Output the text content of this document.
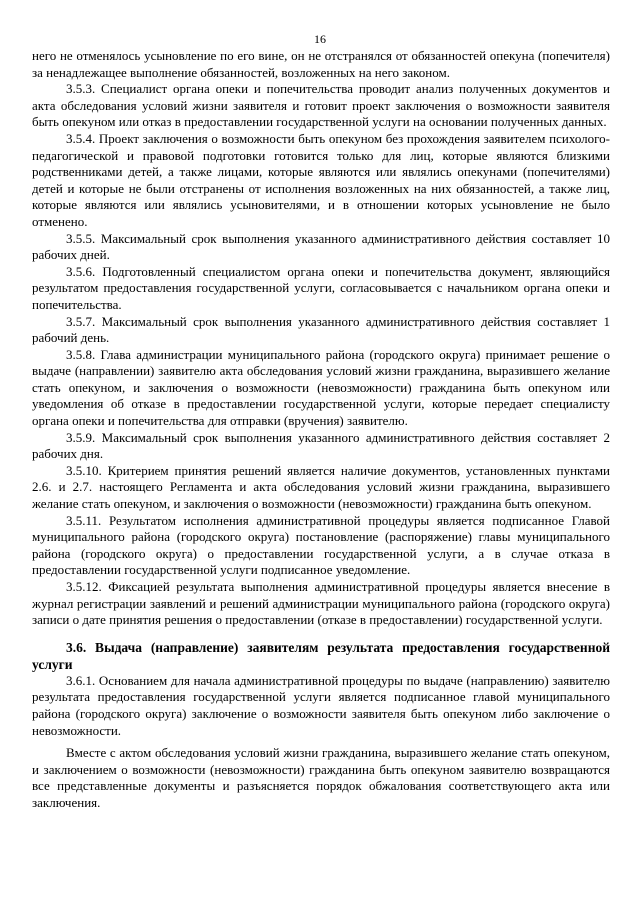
16

него не отменялось усыновление по его вине, он не отстранялся от обязанностей опекуна (попечителя) за ненадлежащее выполнение обязанностей, возложенных на него законом.

3.5.3. Специалист органа опеки и попечительства проводит анализ полученных документов и акта обследования условий жизни заявителя и готовит проект заключения о возможности заявителя быть опекуном или отказ в предоставлении государственной услуги на основании полученных данных.

3.5.4. Проект заключения о возможности быть опекуном без прохождения заявителем психолого-педагогической и правовой подготовки готовится только для лиц, которые являются близкими родственниками детей, а также лицами, которые являются или являлись опекунами (попечителями) детей и которые не были отстранены от исполнения возложенных на них обязанностей, а также лиц, которые являются или являлись усыновителями, и в отношении которых усыновление не было отменено.

3.5.5. Максимальный срок выполнения указанного административного действия составляет 10 рабочих дней.

3.5.6. Подготовленный специалистом органа опеки и попечительства документ, являющийся результатом предоставления государственной услуги, согласовывается с начальником органа опеки и попечительства.

3.5.7. Максимальный срок выполнения указанного административного действия составляет 1 рабочий день.

3.5.8. Глава администрации муниципального района (городского округа) принимает решение о выдаче (направлении) заявителю акта обследования условий жизни гражданина, выразившего желание стать опекуном, и заключения о возможности (невозможности) гражданина быть опекуном или уведомления об отказе в предоставлении государственной услуги, которые передает специалисту органа опеки и попечительства для отправки (вручения) заявителю.

3.5.9. Максимальный срок выполнения указанного административного действия составляет 2 рабочих дня.

3.5.10. Критерием принятия решений является наличие документов, установленных пунктами 2.6. и 2.7. настоящего Регламента и акта обследования условий жизни гражданина, выразившего желание стать опекуном, и заключения о возможности (невозможности) гражданина быть опекуном.

3.5.11. Результатом исполнения административной процедуры является подписанное Главой муниципального района (городского округа) постановление (распоряжение) главы муниципального района (городского округа) о предоставлении государственной услуги, а в случае отказа в предоставлении государственной услуги подписанное уведомление.

3.5.12. Фиксацией результата выполнения административной процедуры является внесение в журнал регистрации заявлений и решений администрации муниципального района (городского округа) записи о дате принятия решения о предоставлении (отказе в предоставлении) государственной услуги.

3.6. Выдача (направление) заявителям результата предоставления государственной услуги

3.6.1. Основанием для начала административной процедуры по выдаче (направлению) заявителю результата предоставления государственной услуги является подписанное главой муниципального района (городского округа) заключение о возможности заявителя быть опекуном либо заключение о невозможности.

Вместе с актом обследования условий жизни гражданина, выразившего желание стать опекуном, и заключением о возможности (невозможности) гражданина быть опекуном заявителю возвращаются все представленные документы и разъясняется порядок обжалования соответствующего акта или заключения.
